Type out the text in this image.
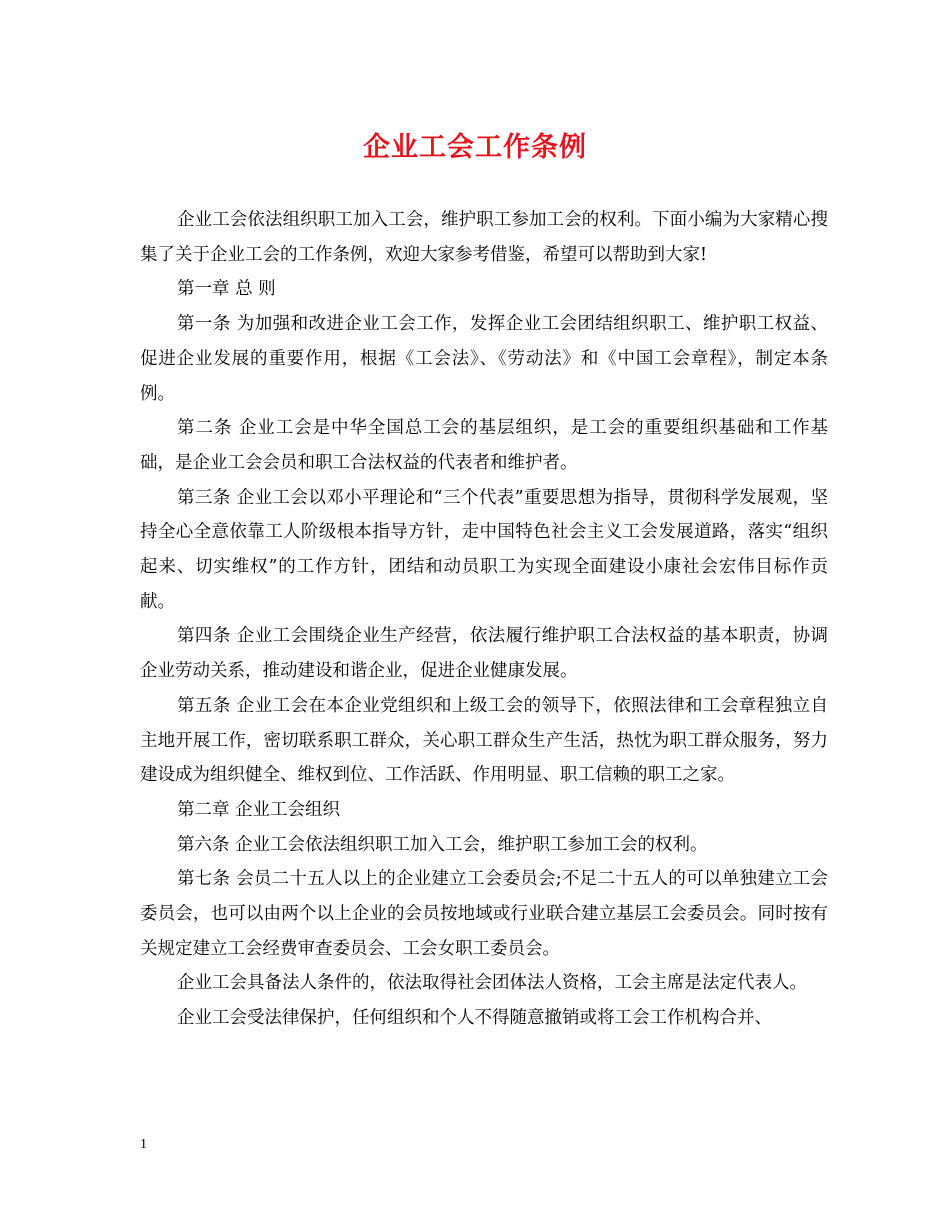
企业工会工作条例

企业工会依法组织职工加入工会，维护职工参加工会的权利。下面小编为大家精心搜集了关于企业工会的工作条例，欢迎大家参考借鉴，希望可以帮助到大家!

第一章 总 则

第一条 为加强和改进企业工会工作，发挥企业工会团结组织职工、维护职工权益、促进企业发展的重要作用，根据《工会法》、《劳动法》和《中国工会章程》，制定本条例。

第二条 企业工会是中华全国总工会的基层组织，是工会的重要组织基础和工作基础，是企业工会会员和职工合法权益的代表者和维护者。

第三条 企业工会以邓小平理论和“三个代表”重要思想为指导，贯彻科学发展观，坚持全心全意依靠工人阶级根本指导方针，走中国特色社会主义工会发展道路，落实“组织起来、切实维权”的工作方针，团结和动员职工为实现全面建设小康社会宏伟目标作贡献。

第四条 企业工会围绕企业生产经营，依法履行维护职工合法权益的基本职责，协调企业劳动关系，推动建设和谐企业，促进企业健康发展。

第五条 企业工会在本企业党组织和上级工会的领导下，依照法律和工会章程独立自主地开展工作，密切联系职工群众，关心职工群众生产生活，热忱为职工群众服务，努力建设成为组织健全、维权到位、工作活跃、作用明显、职工信赖的职工之家。

第二章 企业工会组织

第六条 企业工会依法组织职工加入工会，维护职工参加工会的权利。

第七条 会员二十五人以上的企业建立工会委员会;不足二十五人的可以单独建立工会委员会，也可以由两个以上企业的会员按地域或行业联合建立基层工会委员会。同时按有关规定建立工会经费审查委员会、工会女职工委员会。

企业工会具备法人条件的，依法取得社会团体法人资格，工会主席是法定代表人。

企业工会受法律保护，任何组织和个人不得随意撤销或将工会工作机构合并、

1
